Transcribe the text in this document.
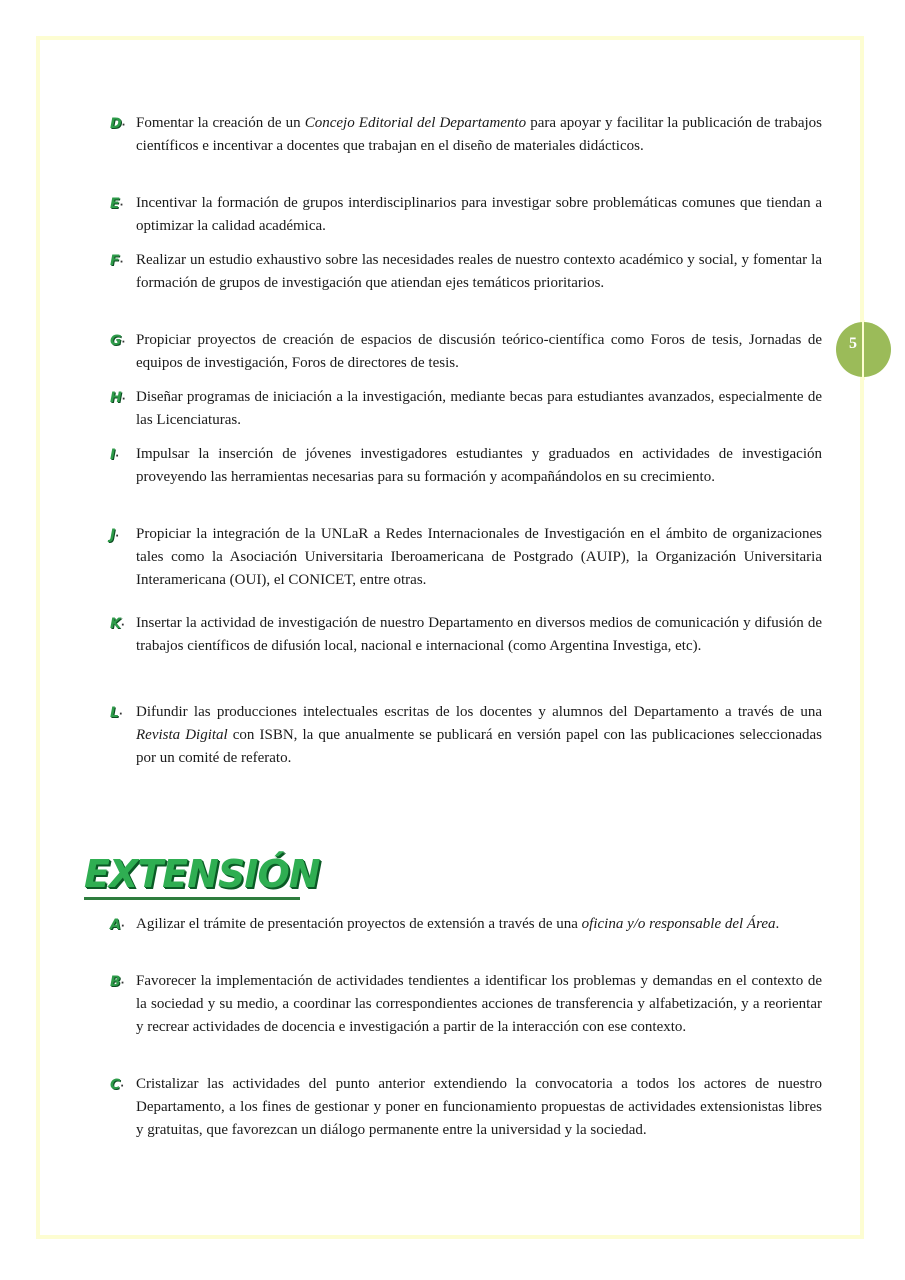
5
D· Fomentar la creación de un Concejo Editorial del Departamento para apoyar y facilitar la publicación de trabajos científicos e incentivar a docentes que trabajan en el diseño de materiales didácticos.
E· Incentivar la formación de grupos interdisciplinarios para investigar sobre problemáticas comunes que tiendan a optimizar la calidad académica.
F· Realizar un estudio exhaustivo sobre las necesidades reales de nuestro contexto académico y social, y fomentar la formación de grupos de investigación que atiendan ejes temáticos prioritarios.
G· Propiciar proyectos de creación de espacios de discusión teórico-científica como Foros de tesis, Jornadas de equipos de investigación, Foros de directores de tesis.
H· Diseñar programas de iniciación a la investigación, mediante becas para estudiantes avanzados, especialmente de las Licenciaturas.
I·	Impulsar la inserción de jóvenes investigadores estudiantes y graduados en actividades de investigación proveyendo las herramientas necesarias para su formación y acompañándolos en su crecimiento.
J·	Propiciar la integración de la UNLaR a Redes Internacionales de Investigación en el ámbito de organizaciones tales como la Asociación Universitaria Iberoamericana de Postgrado (AUIP), la Organización Universitaria Interamericana (OUI), el CONICET, entre otras.
K· Insertar la actividad de investigación de nuestro Departamento en diversos medios de comunicación y difusión de trabajos científicos de difusión local, nacional e internacional (como Argentina Investiga, etc).
L· Difundir las producciones intelectuales escritas de los docentes y alumnos del Departamento a través de una Revista Digital con ISBN, la que anualmente se publicará en versión papel con las publicaciones seleccionadas por un comité de referato.
EXTENSIÓN
A· Agilizar el trámite de presentación proyectos de extensión a través de una oficina y/o responsable del Área.
B· Favorecer la implementación de actividades tendientes a identificar los problemas y demandas en el contexto de la sociedad y su medio, a coordinar las correspondientes acciones de transferencia y alfabetización, y a reorientar y recrear actividades de docencia e investigación a partir de la interacción con ese contexto.
C· Cristalizar las actividades del punto anterior extendiendo la convocatoria a todos los actores de nuestro Departamento, a los fines de gestionar y poner en funcionamiento propuestas de actividades extensionistas libres y gratuitas, que favorezcan un diálogo permanente entre la universidad y la sociedad.
